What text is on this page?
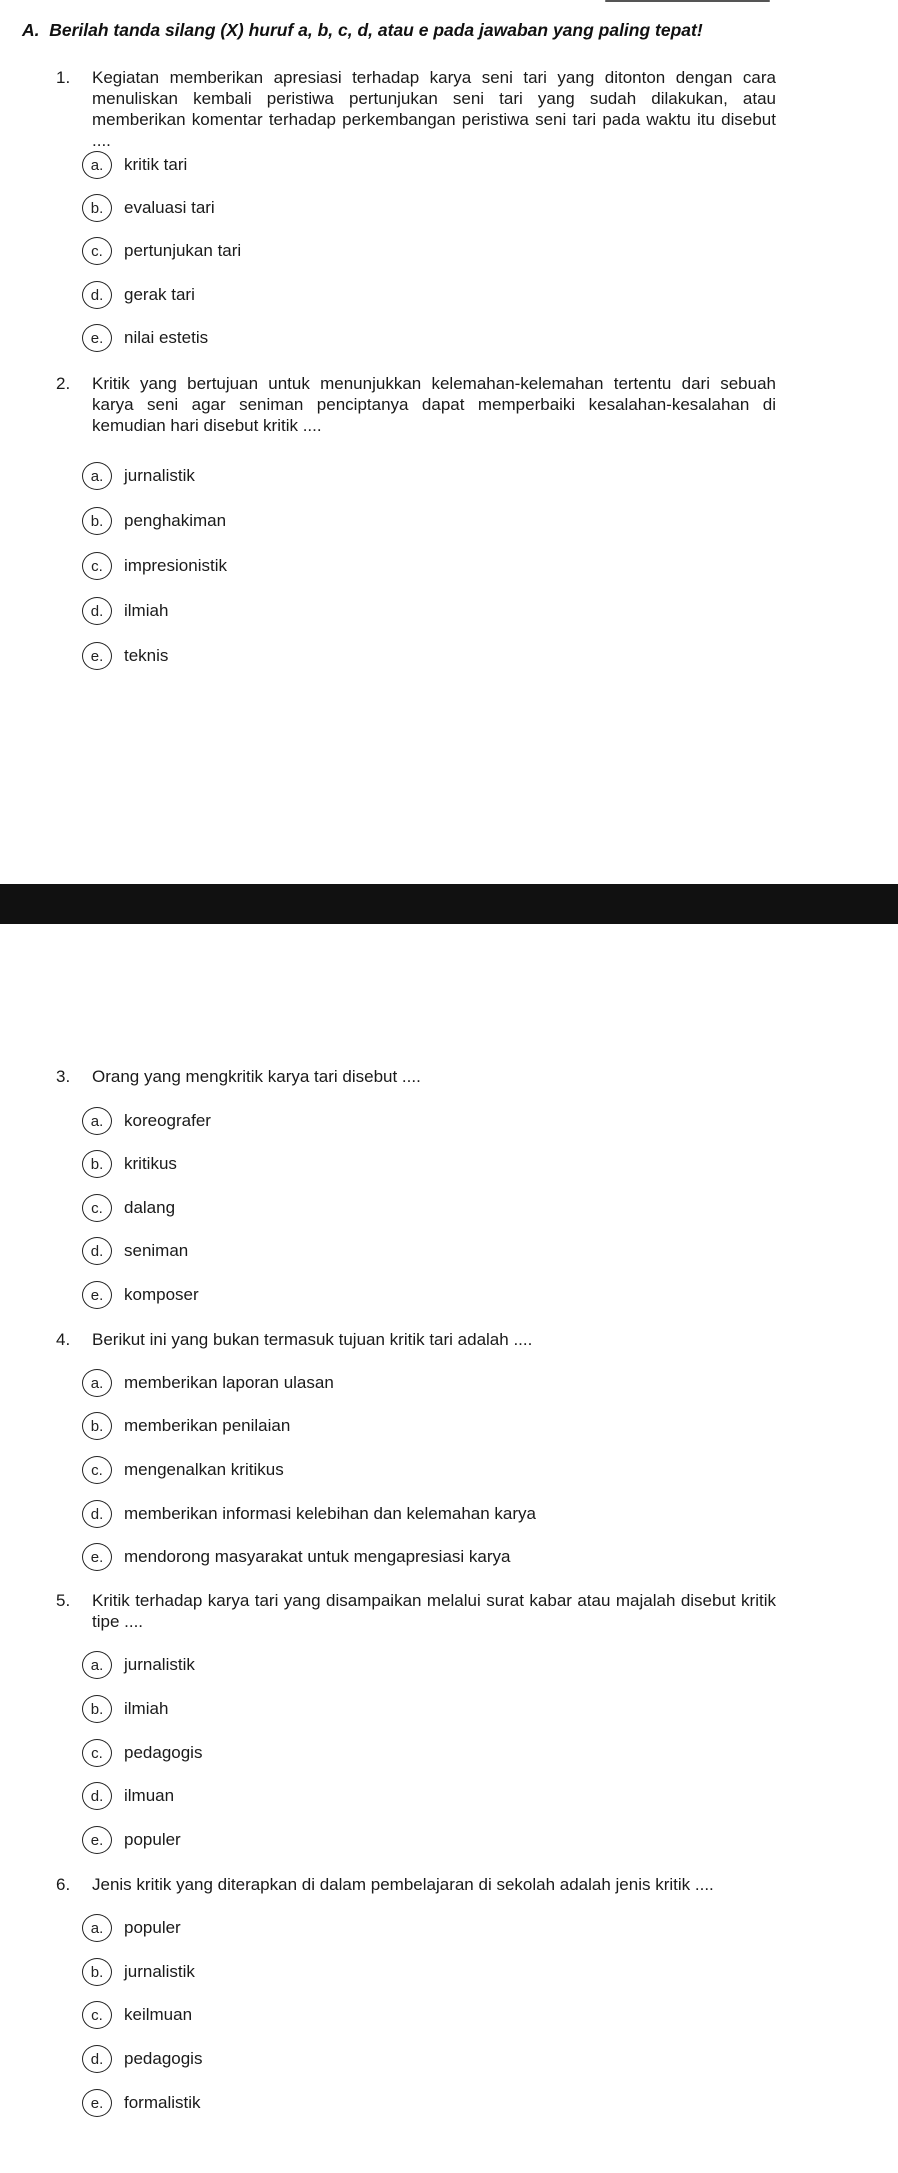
A.  Berilah tanda silang (X) huruf a, b, c, d, atau e pada jawaban yang paling tepat!

1.	Kegiatan memberikan apresiasi terhadap karya seni tari yang ditonton dengan cara menuliskan kembali peristiwa pertunjukan seni tari yang sudah dilakukan, atau memberikan komentar terhadap perkembangan peristiwa seni tari pada waktu itu disebut ....
a.	kritik tari
b.	evaluasi tari
c.	pertunjukan tari
d.	gerak tari
e.	nilai estetis
2.	Kritik yang bertujuan untuk menunjukkan kelemahan-kelemahan tertentu dari sebuah karya seni agar seniman penciptanya dapat memperbaiki kesalahan-kesalahan di kemudian hari disebut kritik ....
a.	jurnalistik
b.	penghakiman
c.	impresionistik
d.	ilmiah
e.	teknis
3.	Orang yang mengkritik karya tari disebut ....
a.	koreografer
b.	kritikus
c.	dalang
d.	seniman
e.	komposer
4.	Berikut ini yang bukan termasuk tujuan kritik tari adalah ....
a.	memberikan laporan ulasan
b.	memberikan penilaian
c.	mengenalkan kritikus
d.	memberikan informasi kelebihan dan kelemahan karya
e.	mendorong masyarakat untuk mengapresiasi karya
5.	Kritik terhadap karya tari yang disampaikan melalui surat kabar atau majalah disebut kritik tipe ....
a.	jurnalistik
b.	ilmiah
c.	pedagogis
d.	ilmuan
e.	populer
6.	Jenis kritik yang diterapkan di dalam pembelajaran di sekolah adalah jenis kritik ....
a.	populer
b.	jurnalistik
c.	keilmuan
d.	pedagogis
e.	formalistik
